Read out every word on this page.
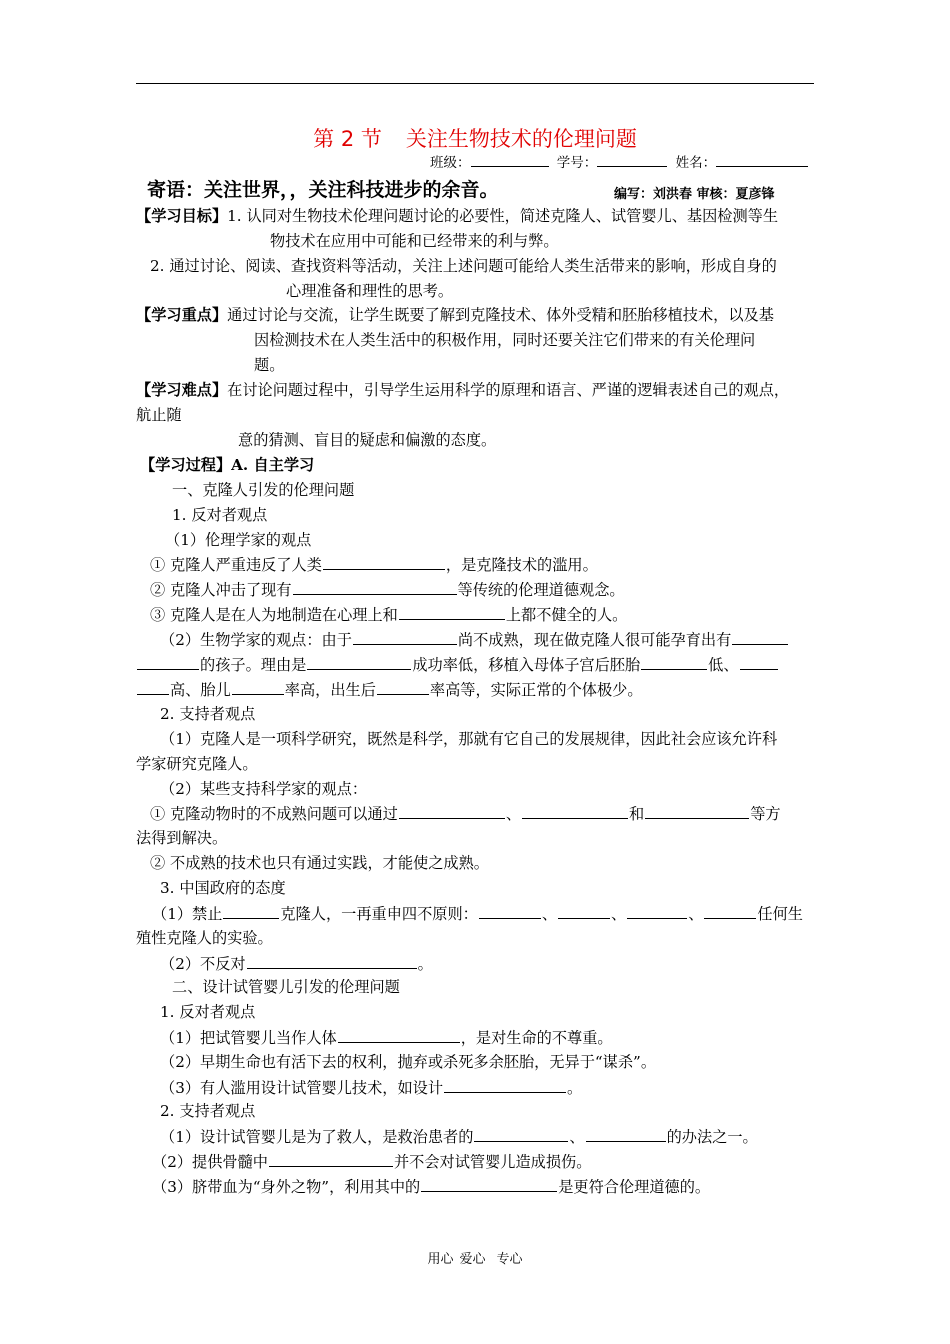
第 2 节 关注生物技术的伦理问题
班级：	学号：	姓名：
寄语：关注世界，，关注科技进步的余音。	编写：刘洪春 审核：夏彦锋
【学习目标】1. 认同对生物技术伦理问题讨论的必要性，简述克隆人、试管婴儿、基因检测等生
物技术在应用中可能和已经带来的利与弊。
2. 通过讨论、阅读、查找资料等活动，关注上述问题可能给人类生活带来的影响，形成自身的
心理准备和理性的思考。
【学习重点】通过讨论与交流，让学生既要了解到克隆技术、体外受精和胚胎移植技术，以及基
因检测技术在人类生活中的积极作用，同时还要关注它们带来的有关伦理问
题。
【学习难点】在讨论问题过程中，引导学生运用科学的原理和语言、严谨的逻辑表述自己的观点，
航止随
意的猜测、盲目的疑虑和偏激的态度。
【学习过程】A. 自主学习
一、克隆人引发的伦理问题
1. 反对者观点
（1）伦理学家的观点
① 克隆人严重违反了人类	，是克隆技术的滥用。
② 克隆人冲击了现有	等传统的伦理道德观念。
③ 克隆人是在人为地制造在心理上和	上都不健全的人。
（2）生物学家的观点：由于	尚不成熟，现在做克隆人很可能孕育出有
的孩子。理由是	成功率低，移植入母体子宫后胚胎	低、
高、胎儿	率高，出生后	率高等，实际正常的个体极少。
2. 支持者观点
（1）克隆人是一项科学研究，既然是科学，那就有它自己的发展规律，因此社会应该允许科
学家研究克隆人。
（2）某些支持科学家的观点：
① 克隆动物时的不成熟问题可以通过	、	和	等方
法得到解决。
② 不成熟的技术也只有通过实践，才能使之成熟。
3. 中国政府的态度
（1）禁止	克隆人，一再重申四不原则：	、	、	、	任何生
殖性克隆人的实验。
（2）不反对	。
二、设计试管婴儿引发的伦理问题
1. 反对者观点
（1）把试管婴儿当作人体	，是对生命的不尊重。
（2）早期生命也有活下去的权利，抛弃或杀死多余胚胎，无异于“谋杀”。
（3）有人滥用设计试管婴儿技术，如设计	。
2. 支持者观点
（1）设计试管婴儿是为了救人，是救治患者的	、	的办法之一。
（2）提供骨髓中	并不会对试管婴儿造成损伤。
（3）脐带血为“身外之物”，利用其中的	是更符合伦理道德的。
用心 爱心 专心
